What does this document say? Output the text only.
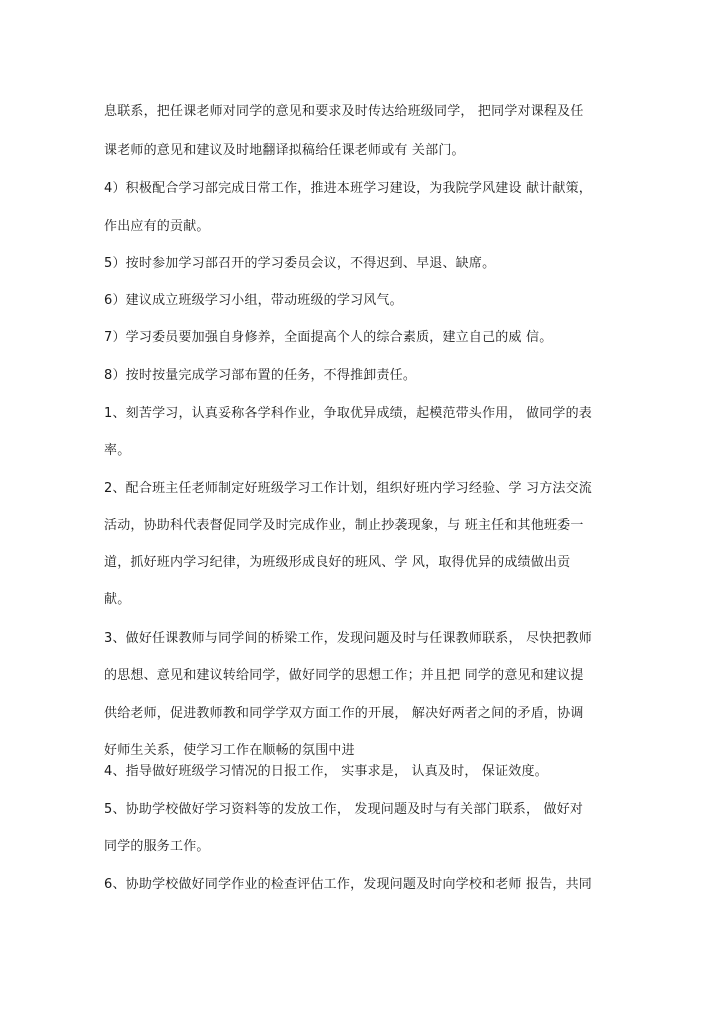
息联系，把任课老师对同学的意见和要求及时传达给班级同学， 把同学对课程及任
课老师的意见和建议及时地翻译拟稿给任课老师或有 关部门。
4）积极配合学习部完成日常工作，推进本班学习建设，为我院学风建设 献计献策，
作出应有的贡献。
5）按时参加学习部召开的学习委员会议，不得迟到、早退、缺席。
6）建议成立班级学习小组，带动班级的学习风气。
7）学习委员要加强自身修养，全面提高个人的综合素质，建立自己的威 信。
8）按时按量完成学习部布置的任务，不得推卸责任。
1、刻苦学习，认真妥称各学科作业，争取优异成绩，起模范带头作用， 做同学的表
率。
2、配合班主任老师制定好班级学习工作计划，组织好班内学习经验、学 习方法交流
活动，协助科代表督促同学及时完成作业，制止抄袭现象，与 班主任和其他班委一
道，抓好班内学习纪律，为班级形成良好的班风、学 风，取得优异的成绩做出贡
献。
3、做好任课教师与同学间的桥梁工作，发现问题及时与任课教师联系， 尽快把教师
的思想、意见和建议转给同学，做好同学的思想工作；并且把 同学的意见和建议提
供给老师，促进教师教和同学学双方面工作的开展， 解决好两者之间的矛盾，协调
好师生关系，使学习工作在顺畅的氛围中进
4、指导做好班级学习情况的日报工作， 实事求是， 认真及时， 保证效度。
5、协助学校做好学习资料等的发放工作， 发现问题及时与有关部门联系， 做好对
同学的服务工作。
6、协助学校做好同学作业的检查评估工作，发现问题及时向学校和老师 报告，共同
